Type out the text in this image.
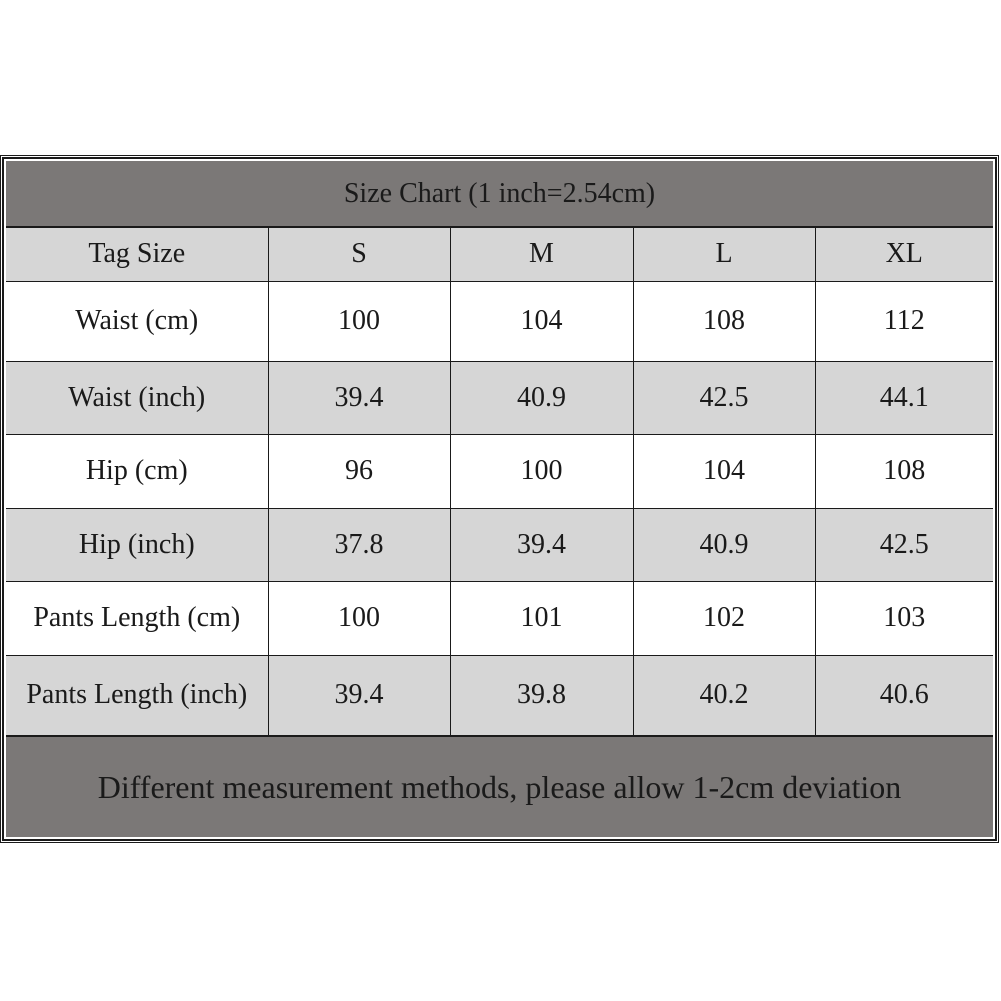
Size Chart (1 inch=2.54cm)
Tag Size	S	M	L	XL
Waist (cm)	100	104	108	112
Waist (inch)	39.4	40.9	42.5	44.1
Hip (cm)	96	100	104	108
Hip (inch)	37.8	39.4	40.9	42.5
Pants Length (cm)	100	101	102	103
Pants Length (inch)	39.4	39.8	40.2	40.6
Different measurement methods, please allow 1-2cm deviation
